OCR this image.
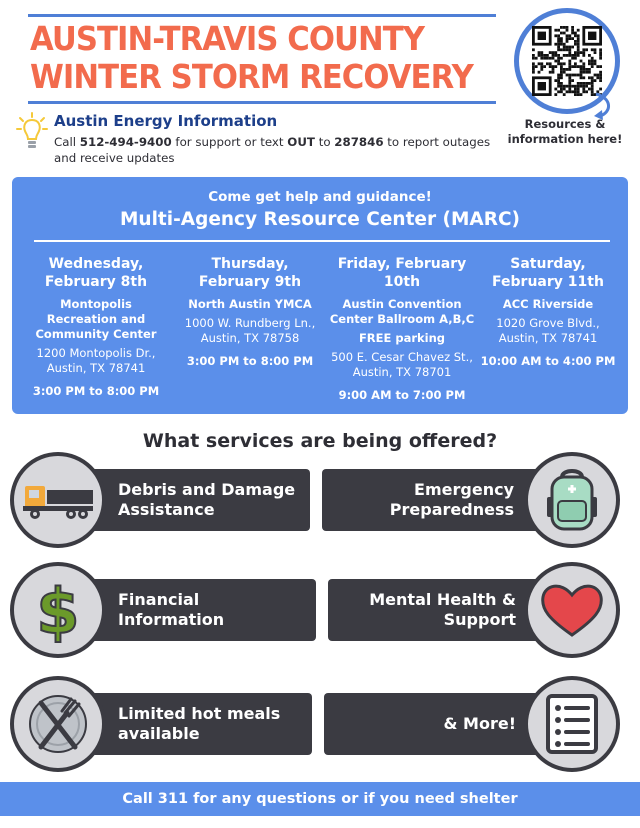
AUSTIN-TRAVIS COUNTY
WINTER STORM RECOVERY
Resources & information here!
Austin Energy Information
Call 512-494-9400 for support or text OUT to 287846 to report outages and receive updates
Come get help and guidance!
Multi-Agency Resource Center (MARC)
Wednesday, February 8th
Montopolis Recreation and Community Center
1200 Montopolis Dr., Austin, TX 78741
3:00 PM to 8:00 PM
Thursday, February 9th
North Austin YMCA
1000 W. Rundberg Ln., Austin, TX 78758
3:00 PM to 8:00 PM
Friday, February 10th
Austin Convention Center Ballroom A,B,C
FREE parking
500 E. Cesar Chavez St., Austin, TX 78701
9:00 AM to 7:00 PM
Saturday, February 11th
ACC Riverside
1020 Grove Blvd., Austin, TX 78741
10:00 AM to 4:00 PM
What services are being offered?
Debris and Damage Assistance
Emergency Preparedness
Financial Information
$	Mental Health & Support
Limited hot meals available
& More!
Call 311 for any questions or if you need shelter
